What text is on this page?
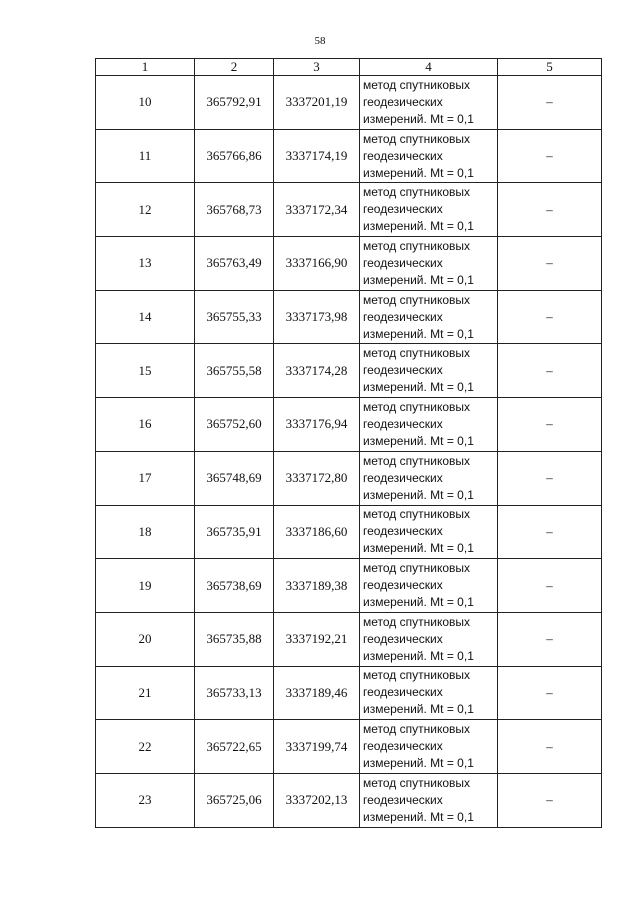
58
1	2	3	4	5
10	365792,91	3337201,19	метод спутниковых
геодезических
измерений. Mt = 0,1	–
11	365766,86	3337174,19	метод спутниковых
геодезических
измерений. Mt = 0,1	–
12	365768,73	3337172,34	метод спутниковых
геодезических
измерений. Mt = 0,1	–
13	365763,49	3337166,90	метод спутниковых
геодезических
измерений. Mt = 0,1	–
14	365755,33	3337173,98	метод спутниковых
геодезических
измерений. Mt = 0,1	–
15	365755,58	3337174,28	метод спутниковых
геодезических
измерений. Mt = 0,1	–
16	365752,60	3337176,94	метод спутниковых
геодезических
измерений. Mt = 0,1	–
17	365748,69	3337172,80	метод спутниковых
геодезических
измерений. Mt = 0,1	–
18	365735,91	3337186,60	метод спутниковых
геодезических
измерений. Mt = 0,1	–
19	365738,69	3337189,38	метод спутниковых
геодезических
измерений. Mt = 0,1	–
20	365735,88	3337192,21	метод спутниковых
геодезических
измерений. Mt = 0,1	–
21	365733,13	3337189,46	метод спутниковых
геодезических
измерений. Mt = 0,1	–
22	365722,65	3337199,74	метод спутниковых
геодезических
измерений. Mt = 0,1	–
23	365725,06	3337202,13	метод спутниковых
геодезических
измерений. Mt = 0,1	–
